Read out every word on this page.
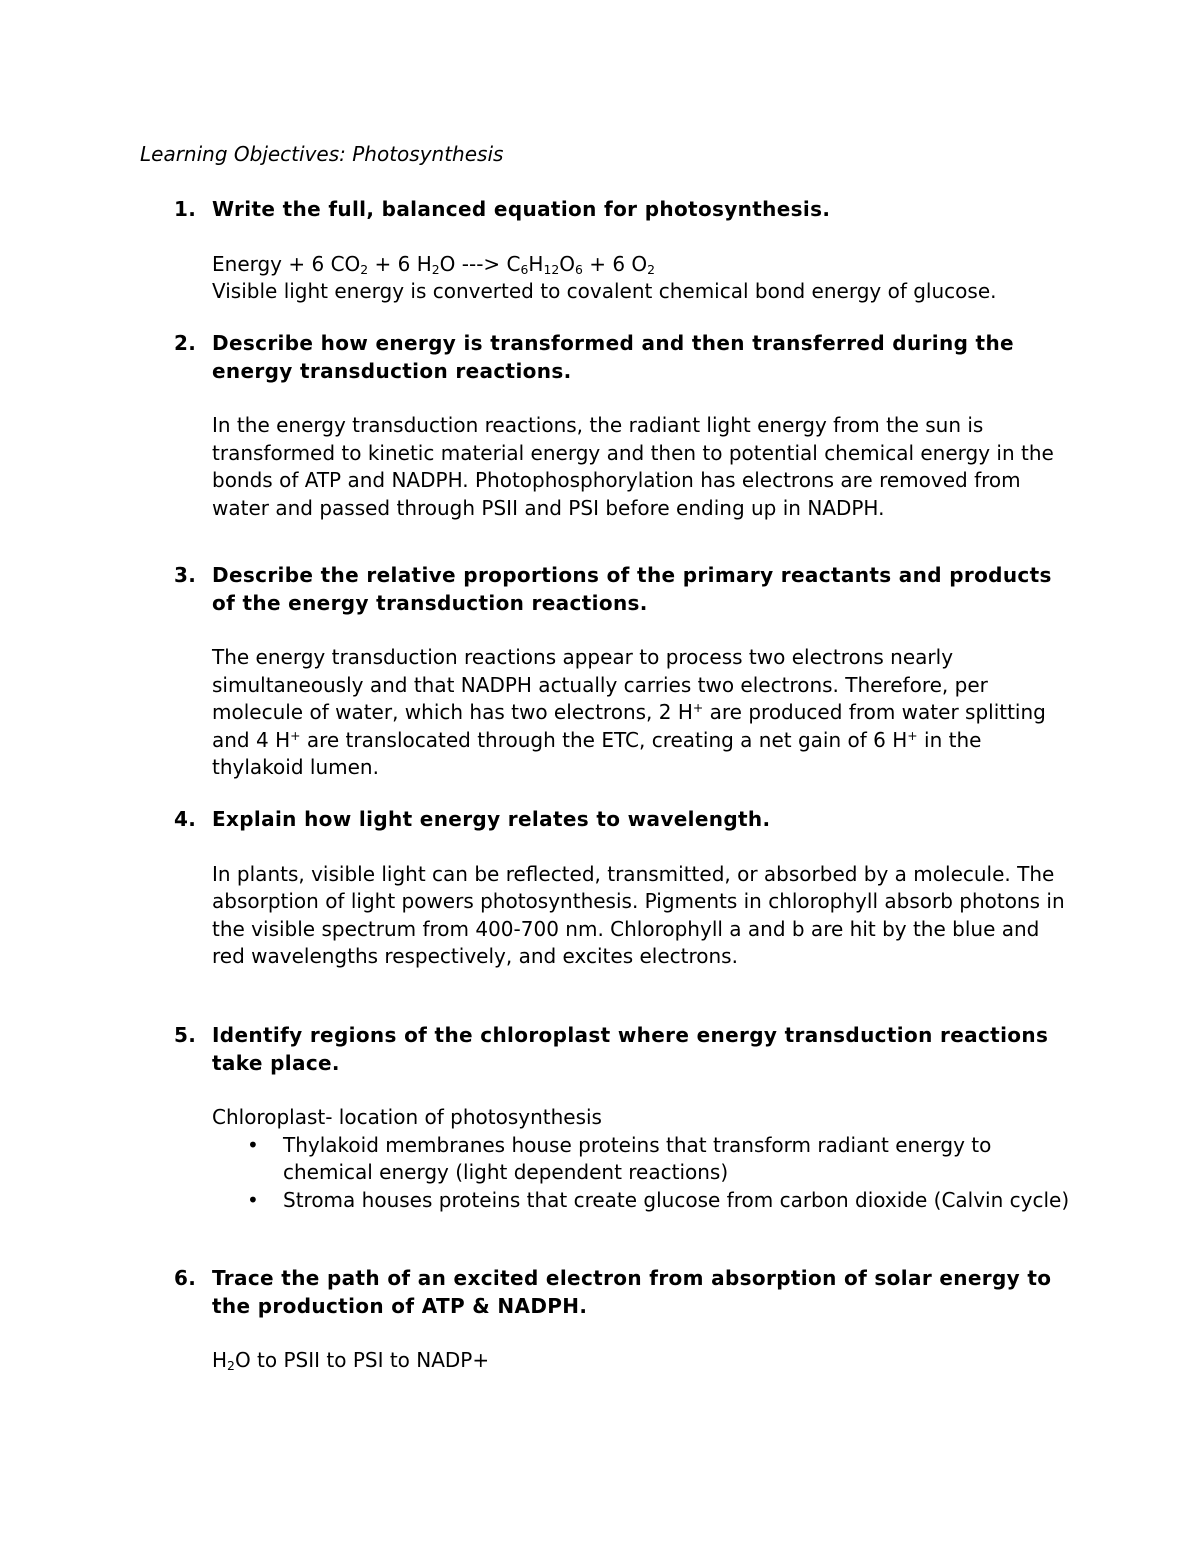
Learning Objectives: Photosynthesis
1. Write the full, balanced equation for photosynthesis.

Energy + 6 $CO_2 + 6$ $H_2O$ ---> $C_6H_{12}O_6 + 6$ $O_2$

Visible light energy is converted to covalent chemical bond energy of glucose.

2. Describe how energy is transformed and then transferred during the energy transduction reactions.

In the energy transduction reactions, the radiant light energy from the sun is transformed to kinetic material energy and then to potential chemical energy in the bonds of ATP and NADPH. Photophosphorylation has electrons are removed from water and passed through PSII and PSI before ending up in NADPH.

3. Describe the relative proportions of the primary reactants and products of the energy transduction reactions.

The energy transduction reactions appear to process two electrons nearly simultaneously and that NADPH actually carries two electrons. Therefore, per molecule of water, which has two electrons, 2 H+ are produced from water splitting and 4 H+ are translocated through the ETC, creating a net gain of 6 H+ in the thylakoid lumen.

4. Explain how light energy relates to wavelength.

In plants, visible light can be reflected, transmitted, or absorbed by a molecule. The absorption of light powers photosynthesis. Pigments in chlorophyll absorb photons in the visible spectrum from 400-700 nm. Chlorophyll a and b are hit by the blue and red wavelengths respectively, and excites electrons.

5. Identify regions of the chloroplast where energy transduction reactions take place.

Chloroplast- location of photosynthesis

• Thylakoid membranes house proteins that transform radiant energy to chemical energy (light dependent reactions)
• Stroma houses proteins that create glucose from carbon dioxide (Calvin cycle)
6. Trace the path of an excited electron from absorption of solar energy to the production of ATP & NADPH.

$H_2O$ to PSII to PSI to NADP+
